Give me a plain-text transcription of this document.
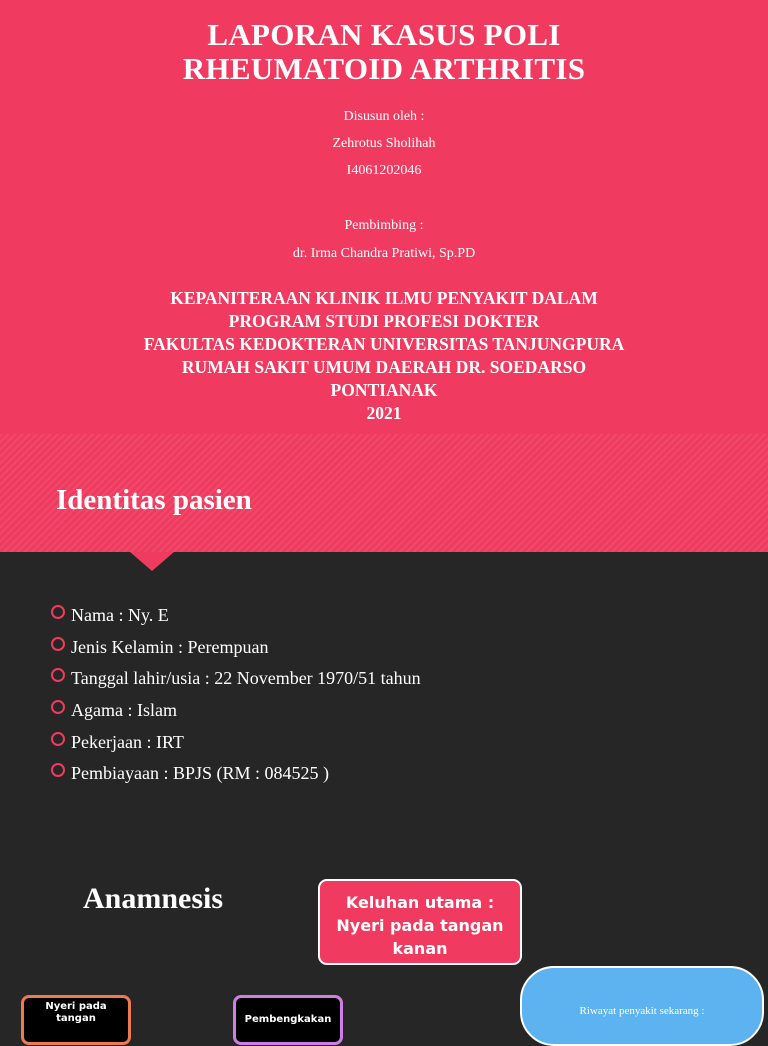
LAPORAN KASUS POLI
RHEUMATOID ARTHRITIS
Disusun oleh :
Zehrotus Sholihah
I4061202046
Pembimbing :
dr. Irma Chandra Pratiwi, Sp.PD
KEPANITERAAN KLINIK ILMU PENYAKIT DALAM
PROGRAM STUDI PROFESI DOKTER
FAKULTAS KEDOKTERAN UNIVERSITAS TANJUNGPURA
RUMAH SAKIT UMUM DAERAH DR. SOEDARSO
PONTIANAK
2021
Identitas pasien
Nama : Ny. E
Jenis Kelamin : Perempuan
Tanggal lahir/usia : 22 November 1970/51 tahun
Agama : Islam
Pekerjaan : IRT
Pembiayaan : BPJS (RM : 084525 )
Anamnesis	Keluhan utama :
Nyeri pada tangan
kanan
Nyeri pada
tangan	Pembengkakan
Riwayat penyakit sekarang :
